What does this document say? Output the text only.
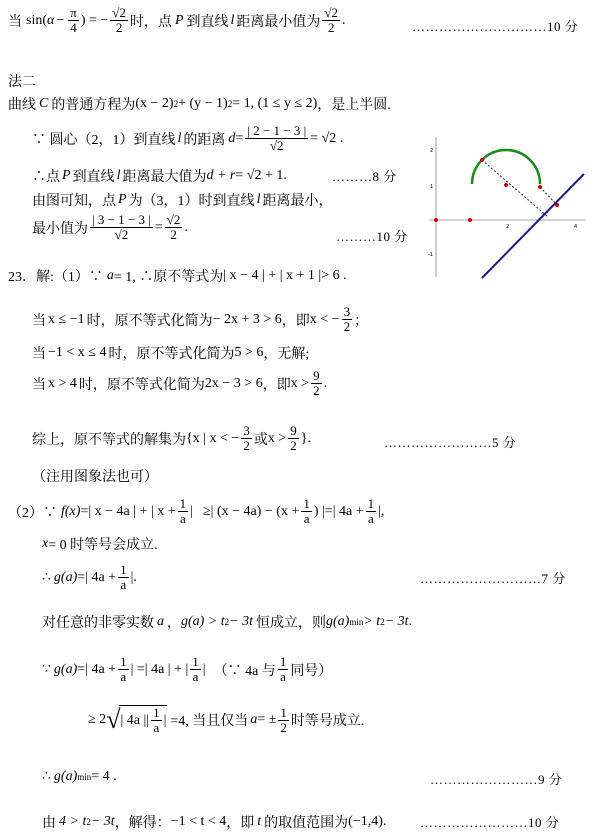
当 sin( $\alpha - \frac{\pi}{4}$ ) = − $\frac{√2}{2}$ 时，点 P 到直线 l 距离最小值为 $\frac{√2}{2}$ .	…………………………10 分
法二
曲线 C 的普通方程为 (x − 2) 2 + (y − 1) 2 = 1, (1 ≤ y ≤ 2) ，是上半圆.
∵ 圆心（2，1）到直线 l 的距离 $d = \frac{| 2 - 1 - 3 |}{√2} = √2$ .
∴点 P 到直线 l 距离最大值为 d + r = √2 + 1.	………8 分
由图可知，点 P 为（3，1）时到直线 l 距离最小，
最小值为 $\frac{| 3 - 1 - 3 |}{√2} = \frac{√2}{2}$ .
………10 分
2
1
-1
2	4
23．解:（1）∵ a = 1, ∴原不等式为 | x − 4 | + | x + 1 |> 6 .
当 x ≤ −1 时，原不等式化简为 − 2x + 3 > 6 ，即 x < − $\frac{3}{2}$ ；
当 −1 < x ≤ 4 时，原不等式化简为 5 > 6 ，无解;
当 x > 4 时，原不等式化简为 2x − 3 > 6 ，即 $x > \frac{9}{2}$ .
综上，原不等式的解集为 {x | x < − $\frac{3}{2}$ 或 $x > \frac{9}{2}$ }.	……………………5 分
（注用图象法也可）
（2）∵ f(x) =| x − 4a | + | $x + \frac{1}{a}$ | ≥| $(x - 4a) - (x + \frac{1}{a}$ ) |=| $4a + \frac{1}{a}$ |,
x = 0 时等号会成立.
∴ g(a) =| $4a + \frac{1}{a}$ |.	………………………7 分
对任意的非零实数 a ， g(a) > t 2 − 3t 恒成立，则 g(a) min > t 2 − 3t .
∵ g(a) =| $4a + \frac{1}{a}$ | =| 4a | + | $\frac{1}{a}$ | （∵ 4a 与 $\frac{1}{a}$ 同号）
≥ 2 √ | 4a || $\frac{1}{a}$ | =4, 当且仅当 a = ± $\frac{1}{2}$ 时等号成立.
∴ g(a) min = 4 .	……………………9 分
由 4 > t 2 − 3t ，解得： −1 < t < 4 ，即 t 的取值范围为 (−1,4) .	……………………10 分
